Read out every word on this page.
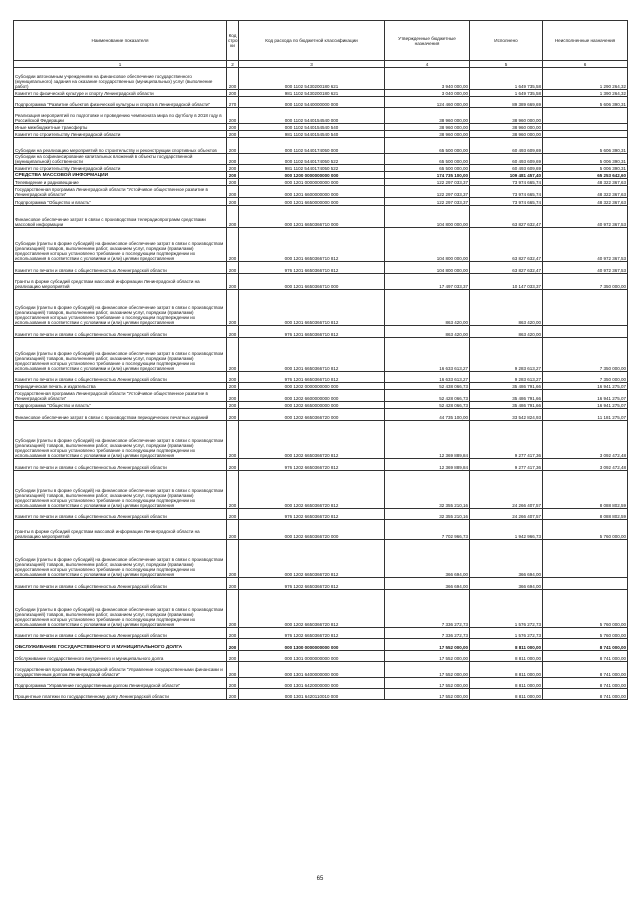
Наименование показателя	Код стро ки	Код расхода по бюджетной классификации	Утвержденные бюджетные назначения	Исполнено	Неисполненные назначения
1	2	3	4	5	6
Субсидии автономным учреждениям на финансовое обеспечение государственного (муниципального) задания на оказание государственных (муниципальных) услуг (выполнение работ)	200	000 1102 5430200180 621	3 940 000,00	1 649 735,58	1 290 264,32
Комитет по физической культуре и спорту Ленинградской области	200	981 1102 5430200180 621	3 040 000,00	1 649 735,58	1 390 264,32
Подпрограмма "Развитие объектов физической культуры и спорта в Ленинградской области"	270	000 1102 5440000000 000	124 460 000,00	89 389 669,69	5 606 390,31
Реализация мероприятий по подготовке и проведению чемпионата мира по футболу в 2018 году в Российской Федерации	200	000 1102 5440154540 000	38 960 000,00	38 960 000,00	
Иные межбюджетные трансферты	200	000 1102 5440154540 540	38 960 000,00	38 960 000,00	
Комитет по строительству Ленинградской области	200	981 1102 5440154540 540	38 960 000,00	38 960 000,00	
Субсидии на реализацию мероприятий по строительству и реконструкции спортивных объектов	200	000 1102 5440174050 000	65 500 000,00	60 493 609,69	5 606 390,31
Субсидии на софинансирование капитальных вложений в объекты государственной (муниципальной) собственности	200	000 1102 5440174050 522	65 500 000,00	60 493 609,69	5 006 390,31
Комитет по строительству Ленинградской области	200	981 1102 5440174050 522	65 500 000,00	60 493 609,69	5 006 390,31
СРЕДСТВА МАССОВОЙ ИНФОРМАЦИИ	200	000 1200 0000000000 000	174 735 100,00	109 481 457,40	65 253 642,60
Телевидение и радиовещание	200	000 1201 0000000000 000	122 297 033,37	73 974 665,74	48 322 367,63
Государственная программа Ленинградской области "Устойчивое общественное развитие в Ленинградской области"	200	000 1201 6600000000 000	122 297 033,37	73 974 665,74	48 322 367,63
Подпрограмма "Общество и власть"	200	000 1201 6650000000 000	122 297 033,37	73 974 665,74	48 322 367,63
Финансовое обеспечение затрат в связи с производством телерадиопрограмм средствами массовой информации	200	000 1201 6650366710 000	104 800 000,00	63 827 632,47	40 972 367,53
Субсидии (гранты в форме субсидий) на финансовое обеспечение затрат в связи с производством (реализацией) товаров, выполнением работ, оказанием услуг, порядком (правилами) предоставления которых установлено требование о последующем подтверждении их использования в соответствии с условиями и (или) целями предоставления	200	000 1201 6650366710 812	104 800 000,00	63 827 632,47	40 972 367,53
Комитет по печати и связям с общественностью Ленинградской области	200	976 1201 6650366710 812	104 800 000,00	63 827 632,47	40 972 367,53
Гранты в форме субсидий средствам массовой информации Ленинградской области на реализацию мероприятий	200	000 1201 6650366710 000	17 497 033,37	10 147 033,37	7 350 000,00
Субсидии (гранты в форме субсидий) на финансовое обеспечение затрат в связи с производством (реализацией) товаров, выполнением работ, оказанием услуг, порядком (правилами) предоставления которых установлено требование о последующем подтверждении их использования в соответствии с условиями и (или) целями предоставления	200	000 1201 6650366710 812	863 420,00	863 420,00	
Комитет по печати и связям с общественностью Ленинградской области	200	976 1201 6650366710 812	863 420,00	863 420,00	
Субсидии (гранты в форме субсидий) на финансовое обеспечение затрат в связи с производством (реализацией) товаров, выполнением работ, оказанием услуг, порядком (правилами) предоставления которых установлено требование о последующем подтверждении их использования в соответствии с условиями и (или) целями предоставления	200	000 1201 6650366710 812	16 633 613,27	9 283 613,27	7 350 000,00
Комитет по печати и связям с общественностью Ленинградской области	200	976 1201 6650366710 812	16 633 613,27	9 283 613,27	7 350 000,00
Периодическая печать и издательства	200	000 1202 0000000000 000	52 438 066,73	35 486 791,66	16 941 275,07
Государственная программа Ленинградской области "Устойчивое общественное развитие в Ленинградской области"	200	000 1202 6600000000 000	52 428 066,73	35 486 791,66	16 941 275,07
Подпрограмма "Общество и власть"	200	000 1202 6650000000 000	52 428 066,73	35 486 791,66	16 941 275,07
Финансовое обеспечение затрат в связи с производством периодических печатных изданий	200	000 1202 6650366720 000	44 735 100,00	33 542 824,93	11 181 275,07
Субсидии (гранты в форме субсидий) на финансовое обеспечение затрат в связи с производством (реализацией) товаров, выполнением работ, оказанием услуг, порядком (правилами) предоставления которых установлено требование о последующем подтверждении их использования в соответствии с условиями и (или) целями предоставления	200	000 1202 6650366720 812	12 369 889,84	9 277 417,36	3 092 472,48
Комитет по печати и связям с общественностью Ленинградской области	200	976 1202 6650366720 812	12 369 889,84	9 277 417,36	3 092 472,48
Субсидии (гранты в форме субсидий) на финансовое обеспечение затрат в связи с производством (реализацией) товаров, выполнением работ, оказанием услуг, порядком (правилами) предоставления которых установлено требование о последующем подтверждении их использования в соответствии с условиями и (или) целями предоставления	200	000 1202 6650366720 812	32 355 210,16	24 266 407,57	8 088 802,59
Комитет по печати и связям с общественностью Ленинградской области	200	976 1202 6650366720 812	32 355 210,16	24 266 407,57	8 088 802,59
Гранты в форме субсидий средствам массовой информации Ленинградской области на реализацию мероприятий	200	000 1202 6650366720 000	7 702 966,73	1 942 966,73	5 760 000,00
Субсидии (гранты в форме субсидий) на финансовое обеспечение затрат в связи с производством (реализацией) товаров, выполнением работ, оказанием услуг, порядком (правилами) предоставления которых установлено требование о последующем подтверждении их использования в соответствии с условиями и (или) целями предоставления	200	000 1202 6650366720 812	366 694,00	366 694,00	
Комитет по печати и связям с общественностью Ленинградской области	200	976 1202 6650366720 812	366 694,00	366 694,00	
Субсидии (гранты в форме субсидий) на финансовое обеспечение затрат в связи с производством (реализацией) товаров, выполнением работ, оказанием услуг, порядком (правилами) предоставления которых установлено требование о последующем подтверждении их использования в соответствии с условиями и (или) целями предоставления	200	000 1202 6650366720 812	7 336 272,73	1 576 272,73	5 760 000,00
Комитет по печати и связям с общественностью Ленинградской области	200	976 1202 6650366720 812	7 336 272,73	1 576 272,73	5 760 000,00
ОБСЛУЖИВАНИЕ ГОСУДАРСТВЕННОГО И МУНИЦИПАЛЬНОГО ДОЛГА	200	000 1300 0000000000 000	17 552 000,00	8 811 000,00	8 741 000,00
Обслуживание государственного внутреннего и муниципального долга	200	000 1301 0000000000 000	17 552 000,00	8 811 000,00	8 741 000,00
Государственная программа Ленинградской области "Управление государственными финансами и государственным долгом Ленинградской области"	200	000 1301 6400000000 000	17 552 000,00	8 811 000,00	8 741 000,00
Подпрограмма "Управление государственным долгом Ленинградской области"	200	000 1301 6420000000 000	17 552 000,00	8 811 000,00	8 741 000,00
Процентные платежи по государственному долгу Ленинградской области	200	000 1301 6420110010 000	17 552 000,00	8 811 000,00	8 741 000,00
65
